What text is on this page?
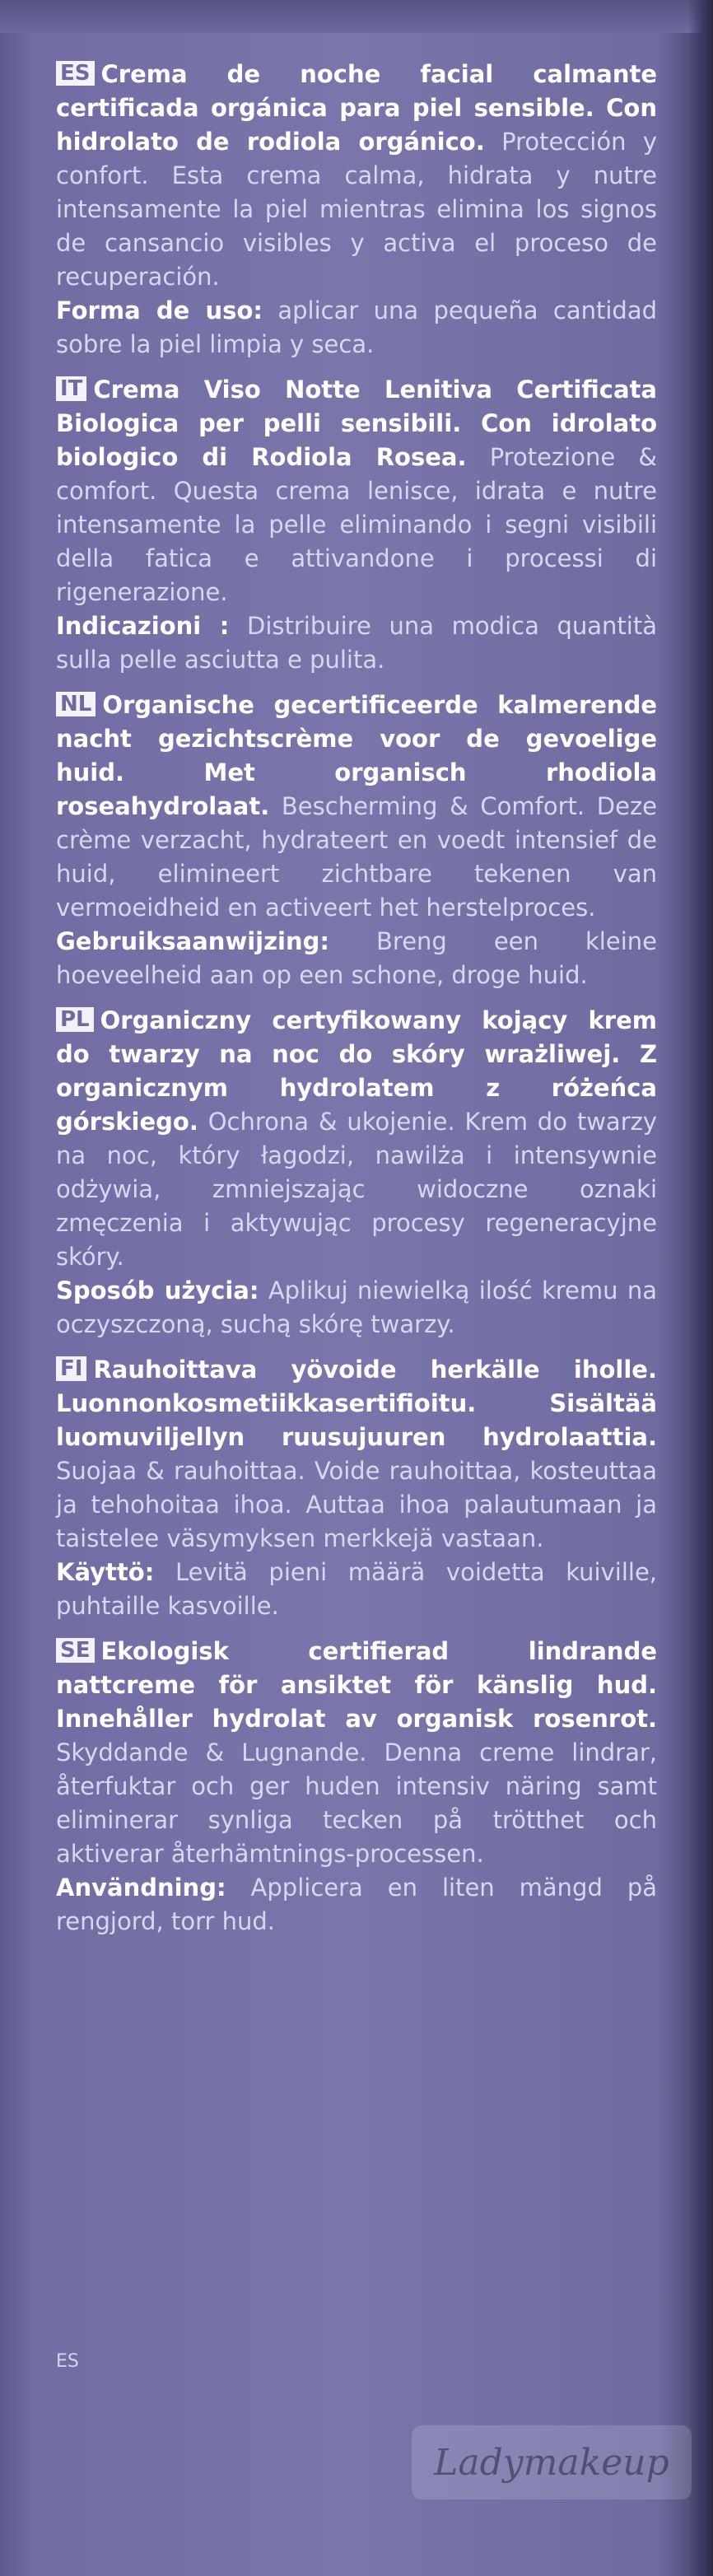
ES Crema de noche facial calmante certificada orgánica para piel sensible. Con hidrolato de rodiola orgánico. Protección y confort. Esta crema calma, hidrata y nutre intensamente la piel mientras elimina los signos de cansancio visibles y activa el proceso de recuperación.
Forma de uso: aplicar una pequeña cantidad sobre la piel limpia y seca.
IT Crema Viso Notte Lenitiva Certificata Biologica per pelli sensibili. Con idrolato biologico di Rodiola Rosea. Protezione & comfort. Questa crema lenisce, idrata e nutre intensamente la pelle eliminando i segni visibili della fatica e attivandone i processi di rigenerazione.
Indicazioni : Distribuire una modica quantità sulla pelle asciutta e pulita.
NL Organische gecertificeerde kalmerende nacht gezichtscrème voor de gevoelige huid. Met organisch rhodiola roseahydrolaat. Bescherming & Comfort. Deze crème verzacht, hydrateert en voedt intensief de huid, elimineert zichtbare tekenen van vermoeidheid en activeert het herstelproces.
Gebruiksaanwijzing: Breng een kleine hoeveelheid aan op een schone, droge huid.
PL Organiczny certyfikowany kojący krem do twarzy na noc do skóry wrażliwej. Z organicznym hydrolatem z różeńca górskiego. Ochrona & ukojenie. Krem do twarzy na noc, który łagodzi, nawilża i intensywnie odżywia, zmniejszając widoczne oznaki zmęczenia i aktywując procesy regeneracyjne skóry.
Sposób użycia: Aplikuj niewielką ilość kremu na oczyszczoną, suchą skórę twarzy.
FI Rauhoittava yövoide herkälle iholle. Luonnonkosmetiikkasertifioitu. Sisältää luomuviljellyn ruusujuuren hydrolaattia. Suojaa & rauhoittaa. Voide rauhoittaa, kosteuttaa ja tehohoitaa ihoa. Auttaa ihoa palautumaan ja taistelee väsymyksen merkkejä vastaan.
Käyttö: Levitä pieni määrä voidetta kuiville, puhtaille kasvoille.
SE Ekologisk certifierad lindrande nattcreme för ansiktet för känslig hud. Innehåller hydrolat av organisk rosenrot. Skyddande & Lugnande. Denna creme lindrar, återfuktar och ger huden intensiv näring samt eliminerar synliga tecken på trötthet och aktiverar återhämtnings-processen.
Användning: Applicera en liten mängd på rengjord, torr hud.
ES
Ladymakeup
